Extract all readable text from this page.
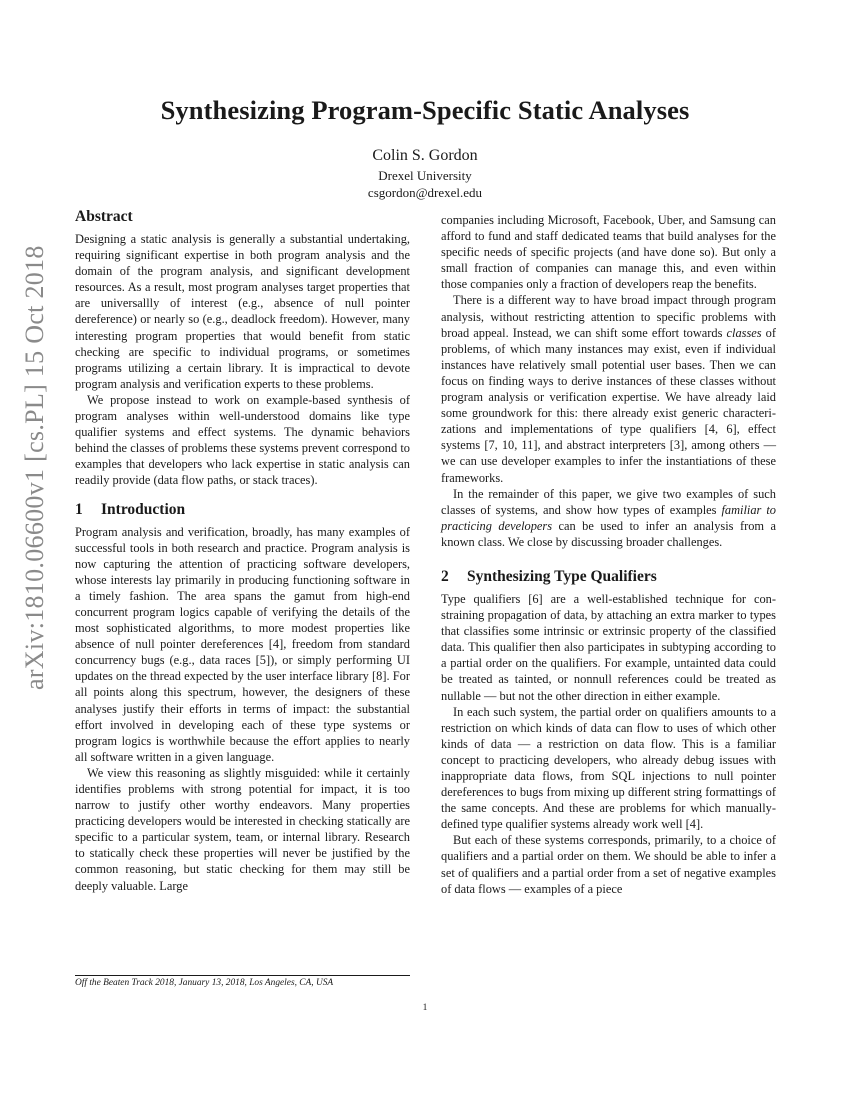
arXiv:1810.06600v1 [cs.PL] 15 Oct 2018
Synthesizing Program-Specific Static Analyses
Colin S. Gordon
Drexel University
csgordon@drexel.edu
Abstract

Designing a static analysis is generally a substantial undertaking, requiring significant expertise in both program analysis and the domain of the program analysis, and significant development resources. As a result, most program analyses target properties that are universallly of interest (e.g., absence of null pointer dereference) or nearly so (e.g., deadlock freedom). However, many interesting program properties that would benefit from static checking are specific to individual programs, or sometimes programs utilizing a certain library. It is impractical to devote program analysis and verification experts to these problems.

We propose instead to work on example-based synthesis of program analyses within well-understood domains like type qualifier systems and effect systems. The dynamic behaviors behind the classes of problems these systems prevent correspond to examples that developers who lack expertise in static analysis can readily provide (data flow paths, or stack traces).

1 Introduction

Program analysis and verification, broadly, has many examples of successful tools in both research and practice. Program analysis is now capturing the attention of practicing software developers, whose interests lay primarily in producing functioning software in a timely fashion. The area spans the gamut from high-end concurrent program logics capable of verifying the details of the most sophisticated algorithms, to more modest properties like absence of null pointer dereferences [4], freedom from standard concurrency bugs (e.g., data races [5]), or simply performing UI updates on the thread expected by the user interface library [8]. For all points along this spectrum, however, the designers of these analyses justify their efforts in terms of impact: the substantial effort involved in developing each of these type systems or program logics is worthwhile because the effort applies to nearly all software written in a given language.

We view this reasoning as slightly misguided: while it certainly identifies problems with strong potential for impact, it is too narrow to justify other worthy endeavors. Many properties practicing developers would be interested in checking statically are specific to a particular system, team, or internal library. Research to statically check these properties will never be justified by the common reasoning, but static checking for them may still be deeply valuable. Large

companies including Microsoft, Facebook, Uber, and Samsung can afford to fund and staff dedicated teams that build analyses for the specific needs of specific projects (and have done so). But only a small fraction of companies can manage this, and even within those companies only a fraction of developers reap the benefits.

There is a different way to have broad impact through program analysis, without restricting attention to specific problems with broad appeal. Instead, we can shift some effort towards classes of problems, of which many instances may exist, even if individual instances have relatively small potential user bases. Then we can focus on finding ways to derive instances of these classes without program analysis or verification expertise. We have already laid some groundwork for this: there already exist generic characterizations and implementations of type qualifiers [4, 6], effect systems [7, 10, 11], and abstract interpreters [3], among others — we can use developer examples to infer the instantiations of these frameworks.

In the remainder of this paper, we give two examples of such classes of systems, and show how types of examples familiar to practicing developers can be used to infer an analysis from a known class. We close by discussing broader challenges.

2 Synthesizing Type Qualifiers

Type qualifiers [6] are a well-established technique for constraining propagation of data, by attaching an extra marker to types that classifies some intrinsic or extrinsic property of the classified data. This qualifier then also participates in subtyping according to a partial order on the qualifiers. For example, untainted data could be treated as tainted, or nonnull references could be treated as nullable — but not the other direction in either example.

In each such system, the partial order on qualifiers amounts to a restriction on which kinds of data can flow to uses of which other kinds of data — a restriction on data flow. This is a familiar concept to practicing developers, who already debug issues with inappropriate data flows, from SQL injections to null pointer dereferences to bugs from mixing up different string formattings of the same concepts. And these are problems for which manually-defined type qualifier systems already work well [4].

But each of these systems corresponds, primarily, to a choice of qualifiers and a partial order on them. We should be able to infer a set of qualifiers and a partial order from a set of negative examples of data flows — examples of a piece

Off the Beaten Track 2018, January 13, 2018, Los Angeles, CA, USA
1
